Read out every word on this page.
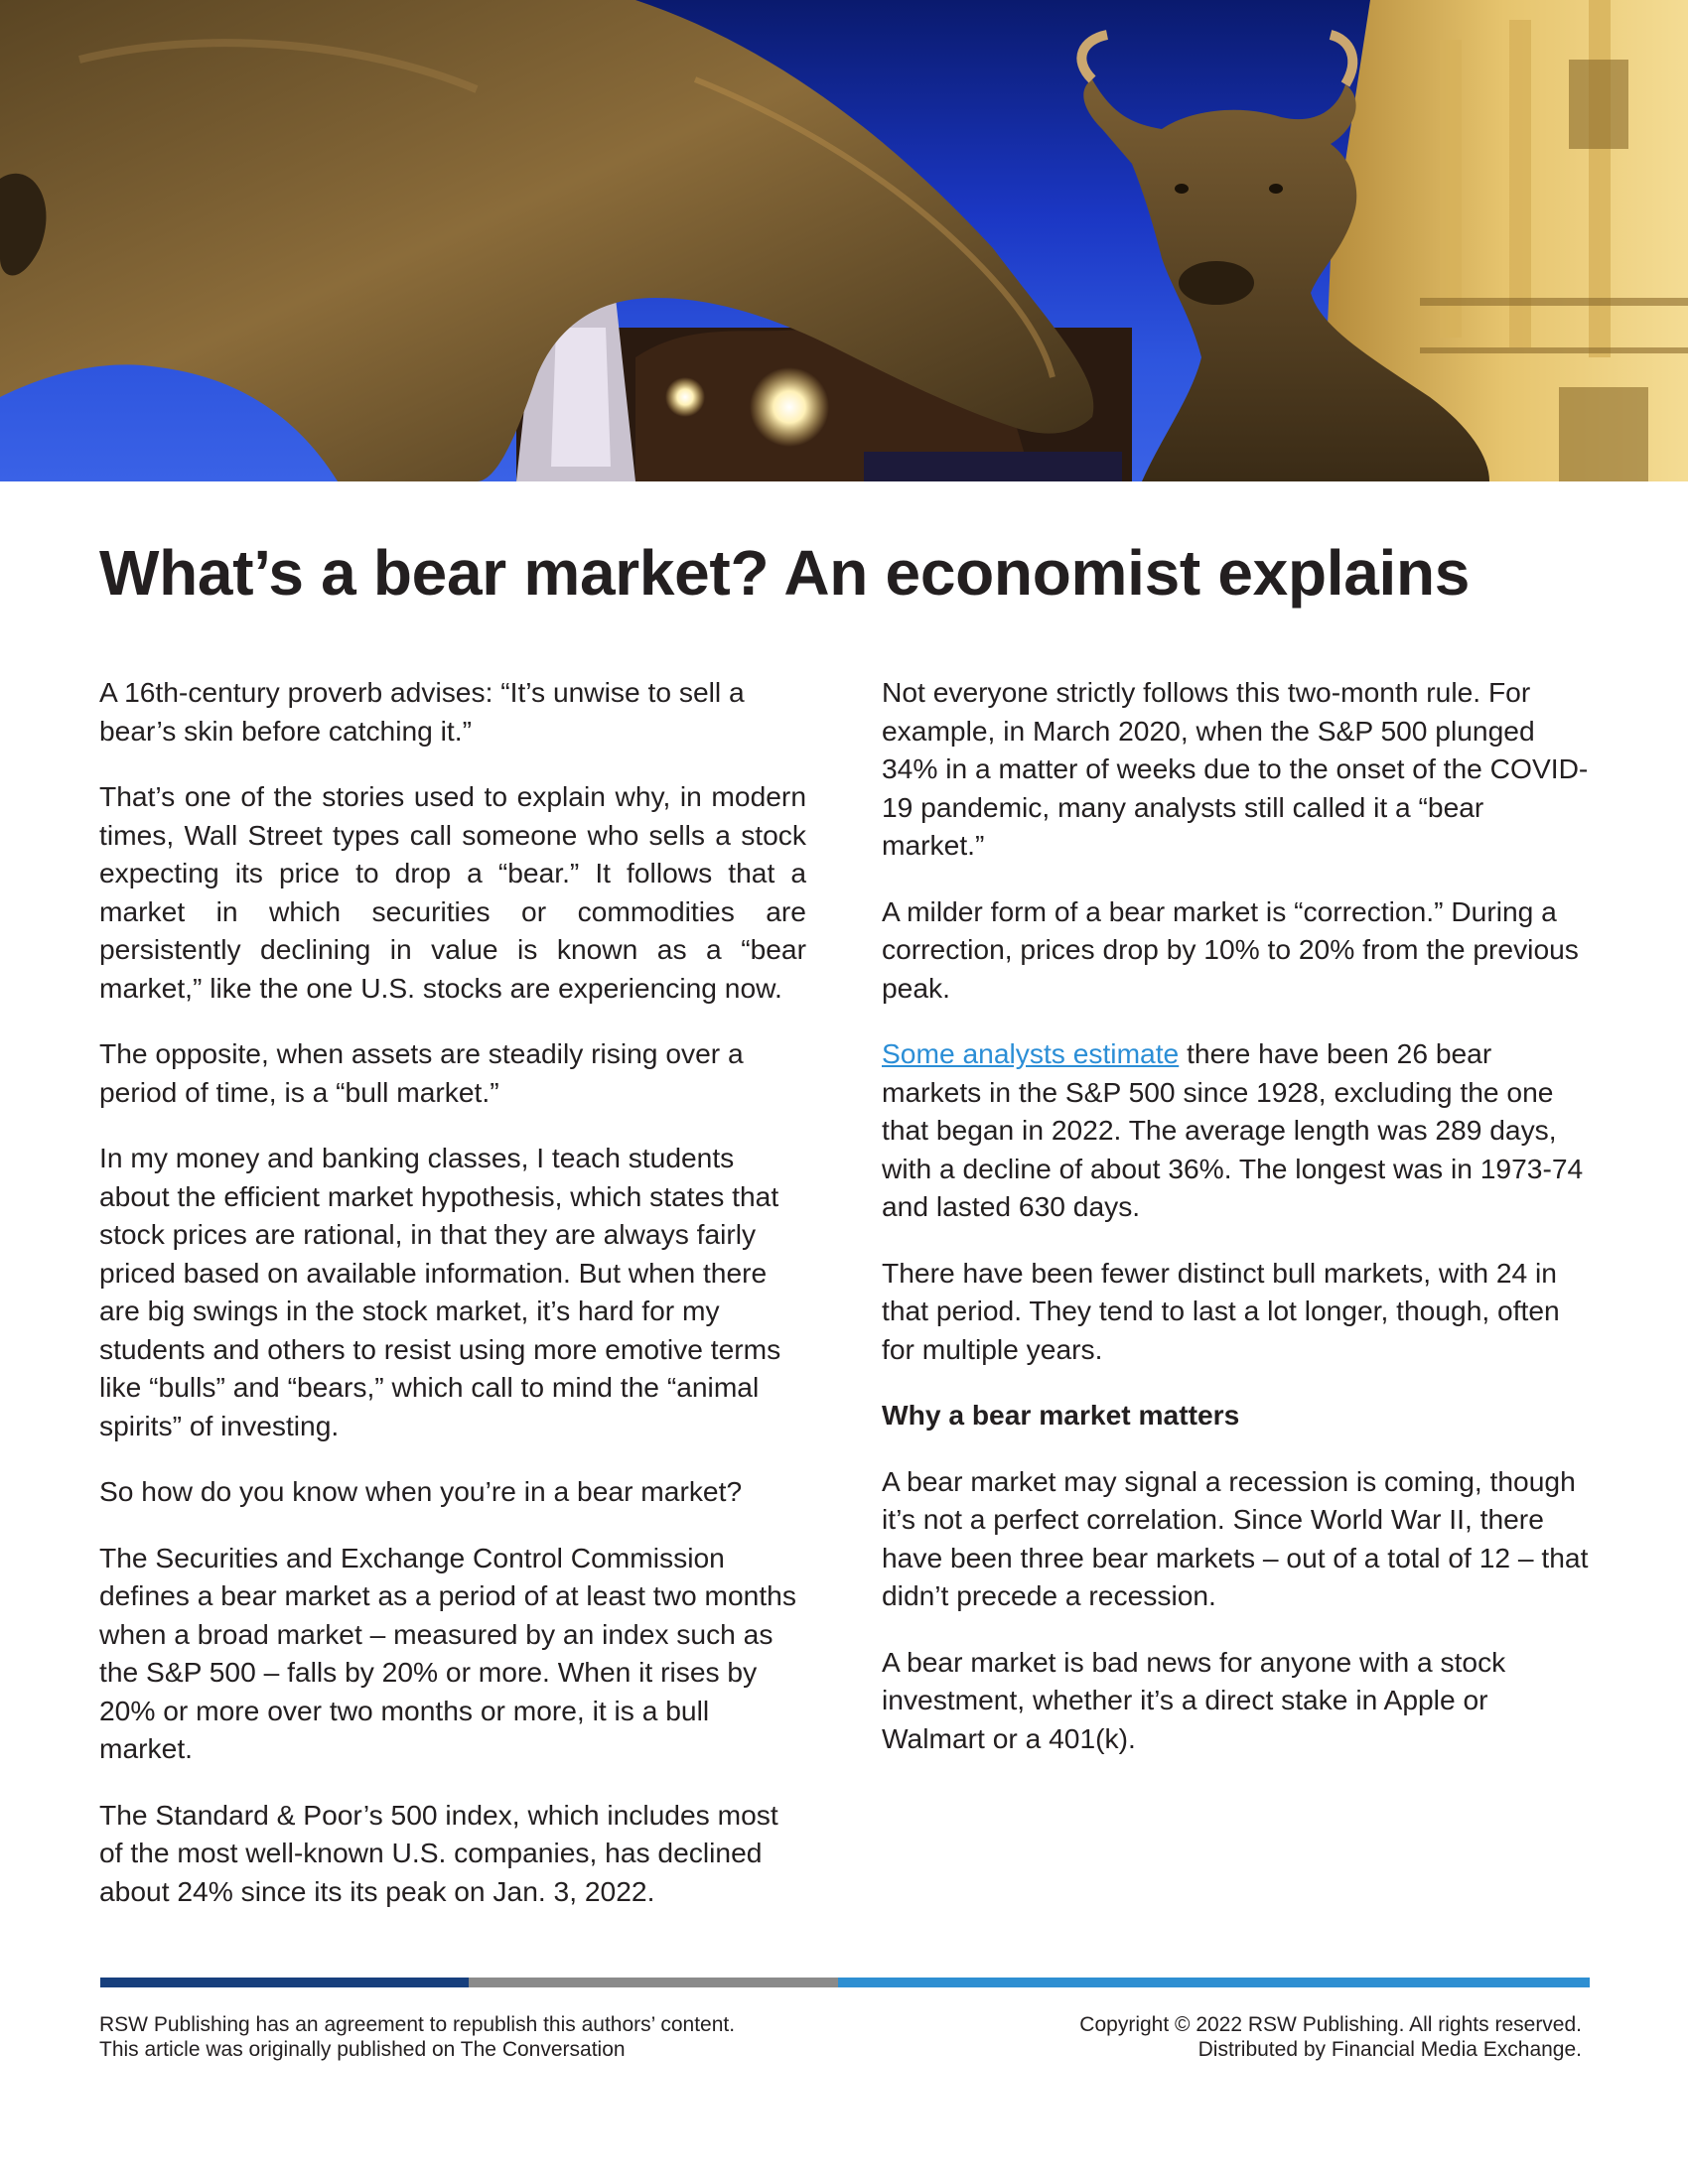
What’s a bear market? An economist explains

A 16th-century proverb advises: “It’s unwise to sell a bear’s skin before catching it.”

That’s one of the stories used to explain why, in modern times, Wall Street types call someone who sells a stock expecting its price to drop a “bear.” It follows that a market in which securities or commodities are persistently declining in value is known as a “bear market,” like the one U.S. stocks are experiencing now.

The opposite, when assets are steadily rising over a period of time, is a “bull market.”

In my money and banking classes, I teach students about the efficient market hypothesis, which states that stock prices are rational, in that they are always fairly priced based on available information. But when there are big swings in the stock market, it’s hard for my students and others to resist using more emotive terms like “bulls” and “bears,” which call to mind the “animal spirits” of investing.

So how do you know when you’re in a bear market?

The Securities and Exchange Control Commission defines a bear market as a period of at least two months when a broad market – measured by an index such as the S&P 500 – falls by 20% or more. When it rises by 20% or more over two months or more, it is a bull market.

The Standard & Poor’s 500 index, which includes most of the most well-known U.S. companies, has declined about 24% since its its peak on Jan. 3, 2022.

Not everyone strictly follows this two-month rule. For example, in March 2020, when the S&P 500 plunged 34% in a matter of weeks due to the onset of the COVID-19 pandemic, many analysts still called it a “bear market.”

A milder form of a bear market is “correction.” During a correction, prices drop by 10% to 20% from the previous peak.

Some analysts estimate there have been 26 bear markets in the S&P 500 since 1928, excluding the one that began in 2022. The average length was 289 days, with a decline of about 36%. The longest was in 1973-74 and lasted 630 days.

There have been fewer distinct bull markets, with 24 in that period. They tend to last a lot longer, though, often for multiple years.

Why a bear market matters

A bear market may signal a recession is coming, though it’s not a perfect correlation. Since World War II, there have been three bear markets – out of a total of 12 – that didn’t precede a recession.

A bear market is bad news for anyone with a stock investment, whether it’s a direct stake in Apple or Walmart or a 401(k).

RSW Publishing has an agreement to republish this authors’ content.
This article was originally published on The Conversation
Copyright © 2022 RSW Publishing. All rights reserved.
Distributed by Financial Media Exchange.
